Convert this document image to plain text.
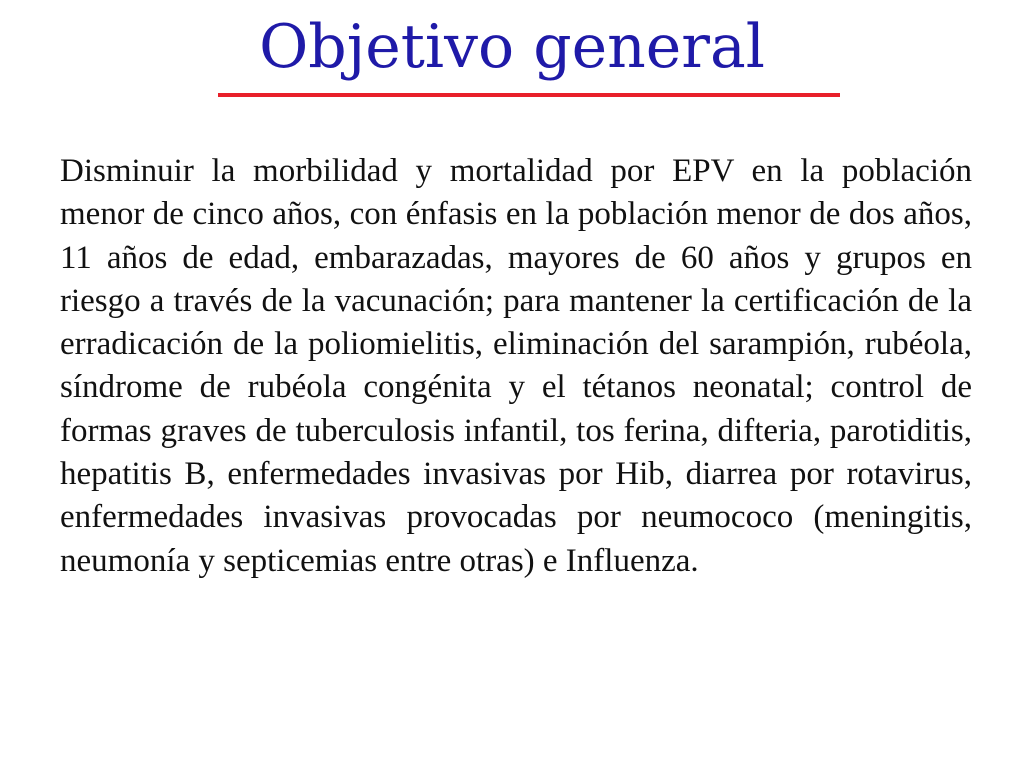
Objetivo general

Disminuir la morbilidad y mortalidad por EPV en la población menor de cinco años, con énfasis en la población menor de dos años, 11 años de edad, embarazadas, mayores de 60 años y grupos en riesgo a través de la vacunación; para mantener la certificación de la erradicación de la poliomielitis, eliminación del sarampión, rubéola, síndrome de rubéola congénita y el tétanos neonatal; control de formas graves de tuberculosis infantil, tos ferina, difteria, parotiditis, hepatitis B, enfermedades invasivas por Hib, diarrea por rotavirus, enfermedades invasivas provocadas por neumococo (meningitis, neumonía y septicemias entre otras) e Influenza.
